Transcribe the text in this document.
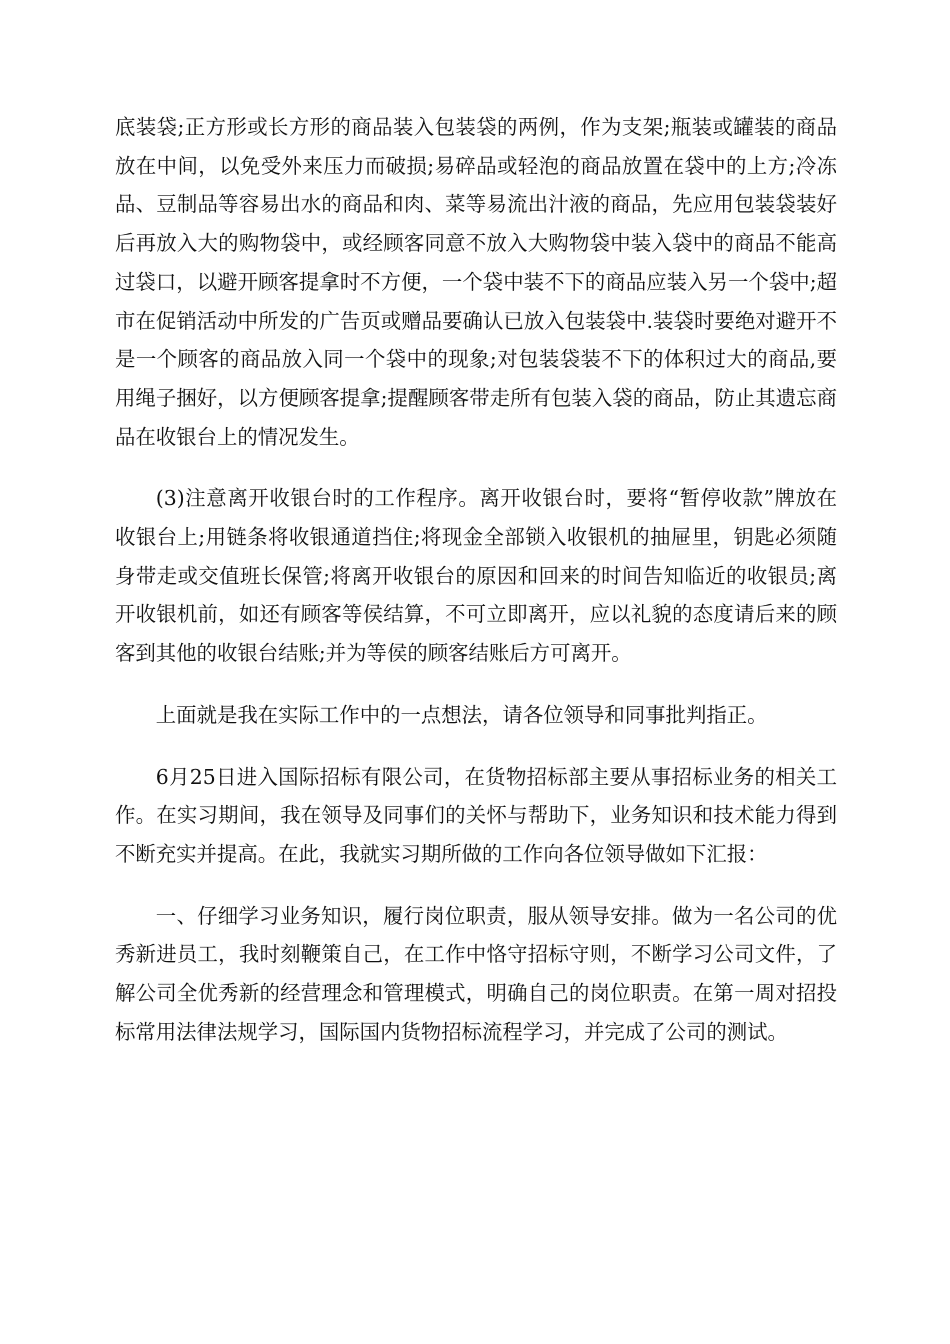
底装袋;正方形或长方形的商品装入包装袋的两例，作为支架;瓶装或罐装的商品放在中间，以免受外来压力而破损;易碎品或轻泡的商品放置在袋中的上方;冷冻品、豆制品等容易出水的商品和肉、菜等易流出汁液的商品，先应用包装袋装好后再放入大的购物袋中，或经顾客同意不放入大购物袋中装入袋中的商品不能高过袋口，以避开顾客提拿时不方便，一个袋中装不下的商品应装入另一个袋中;超市在促销活动中所发的广告页或赠品要确认已放入包装袋中.装袋时要绝对避开不是一个顾客的商品放入同一个袋中的现象;对包装袋装不下的体积过大的商品,要用绳子捆好，以方便顾客提拿;提醒顾客带走所有包装入袋的商品，防止其遗忘商品在收银台上的情况发生。

(3)注意离开收银台时的工作程序。离开收银台时，要将“暂停收款”牌放在收银台上;用链条将收银通道挡住;将现金全部锁入收银机的抽屉里，钥匙必须随身带走或交值班长保管;将离开收银台的原因和回来的时间告知临近的收银员;离开收银机前，如还有顾客等侯结算，不可立即离开，应以礼貌的态度请后来的顾客到其他的收银台结账;并为等侯的顾客结账后方可离开。

上面就是我在实际工作中的一点想法，请各位领导和同事批判指正。

6月25日进入国际招标有限公司，在货物招标部主要从事招标业务的相关工作。在实习期间，我在领导及同事们的关怀与帮助下，业务知识和技术能力得到不断充实并提高。在此，我就实习期所做的工作向各位领导做如下汇报：

一、仔细学习业务知识，履行岗位职责，服从领导安排。做为一名公司的优秀新进员工，我时刻鞭策自己，在工作中恪守招标守则，不断学习公司文件，了解公司全优秀新的经营理念和管理模式，明确自己的岗位职责。在第一周对招投标常用法律法规学习，国际国内货物招标流程学习，并完成了公司的测试。
